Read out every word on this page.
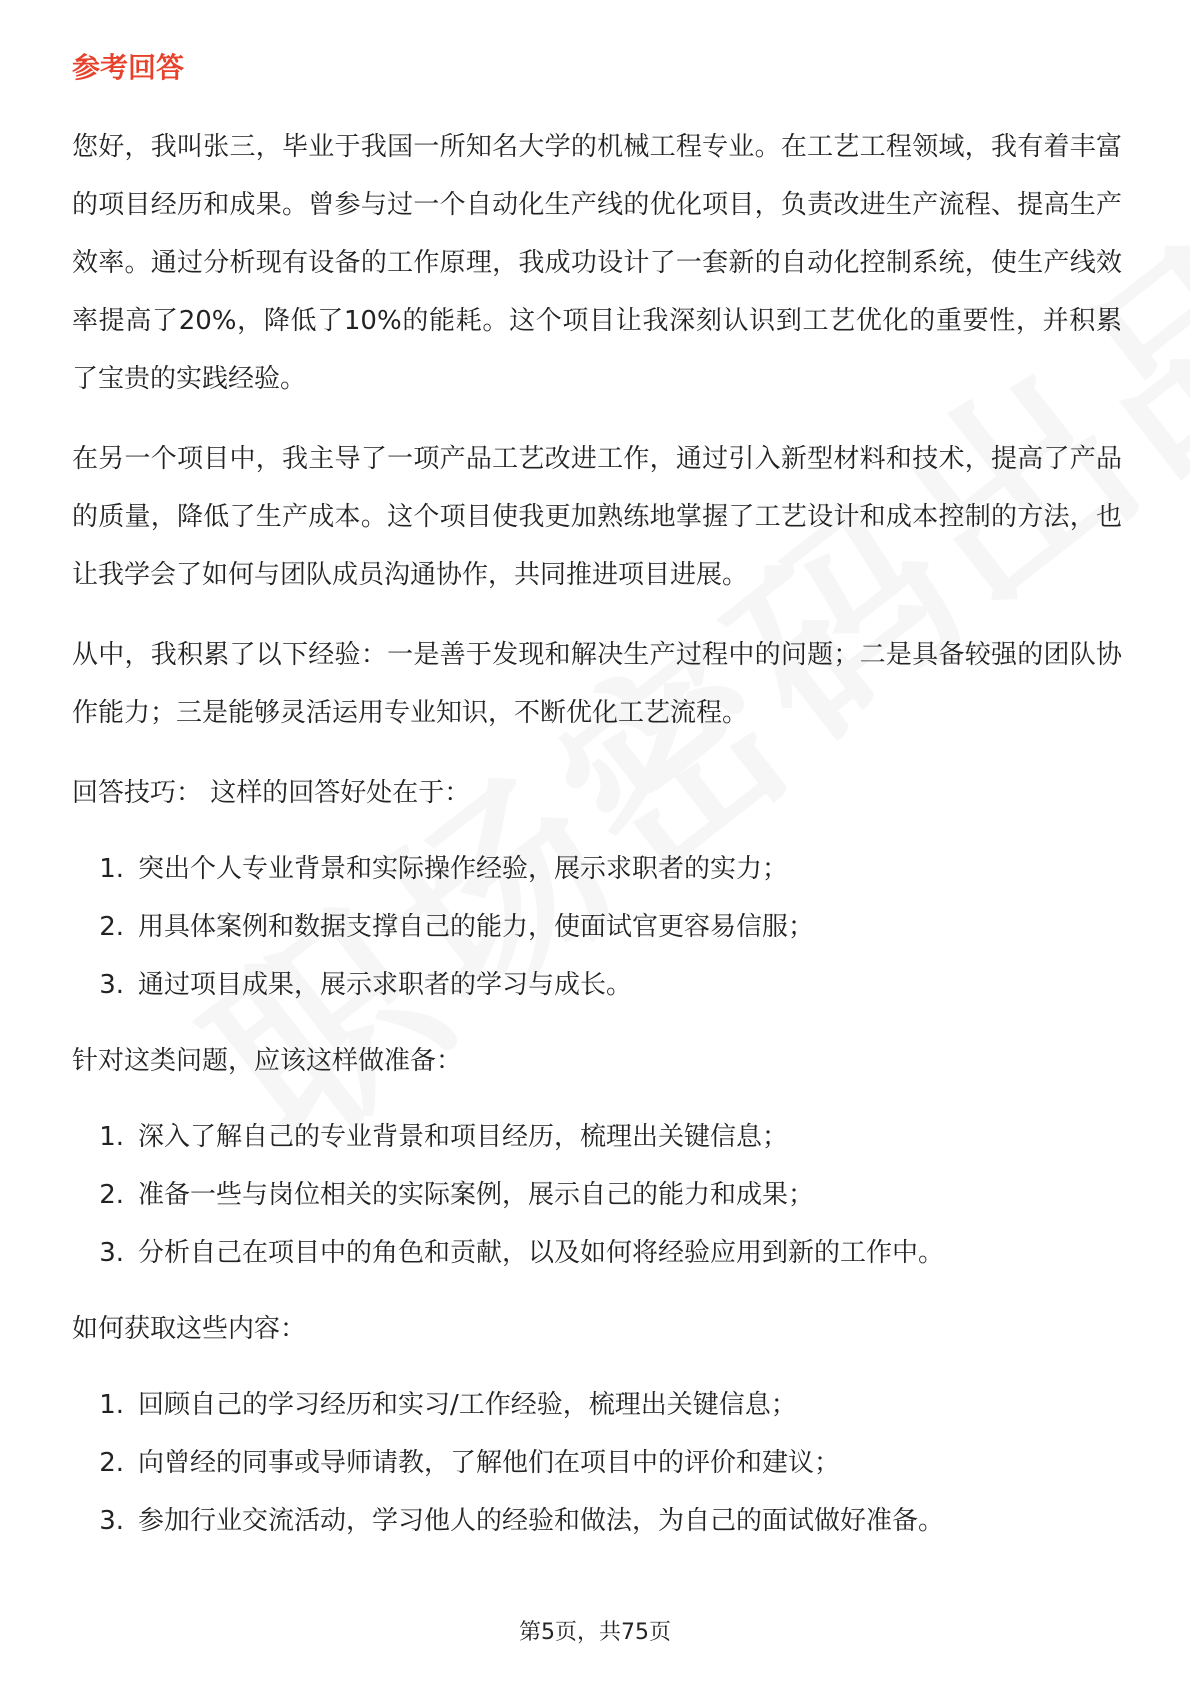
参考回答

您好，我叫张三，毕业于我国一所知名大学的机械工程专业。在工艺工程领域，我有着丰富的项目经历和成果。曾参与过一个自动化生产线的优化项目，负责改进生产流程、提高生产效率。通过分析现有设备的工作原理，我成功设计了一套新的自动化控制系统，使生产线效率提高了20%，降低了10%的能耗。这个项目让我深刻认识到工艺优化的重要性，并积累了宝贵的实践经验。

在另一个项目中，我主导了一项产品工艺改进工作，通过引入新型材料和技术，提高了产品的质量，降低了生产成本。这个项目使我更加熟练地掌握了工艺设计和成本控制的方法，也让我学会了如何与团队成员沟通协作，共同推进项目进展。

从中，我积累了以下经验：一是善于发现和解决生产过程中的问题；二是具备较强的团队协作能力；三是能够灵活运用专业知识，不断优化工艺流程。

回答技巧： 这样的回答好处在于：
1. 突出个人专业背景和实际操作经验，展示求职者的实力；
2. 用具体案例和数据支撑自己的能力，使面试官更容易信服；
3. 通过项目成果，展示求职者的学习与成长。
针对这类问题，应该这样做准备：
1. 深入了解自己的专业背景和项目经历，梳理出关键信息；
2. 准备一些与岗位相关的实际案例，展示自己的能力和成果；
3. 分析自己在项目中的角色和贡献，以及如何将经验应用到新的工作中。
如何获取这些内容：
1. 回顾自己的学习经历和实习/工作经验，梳理出关键信息；
2. 向曾经的同事或导师请教，了解他们在项目中的评价和建议；
3. 参加行业交流活动，学习他人的经验和做法，为自己的面试做好准备。
第5页，共75页
